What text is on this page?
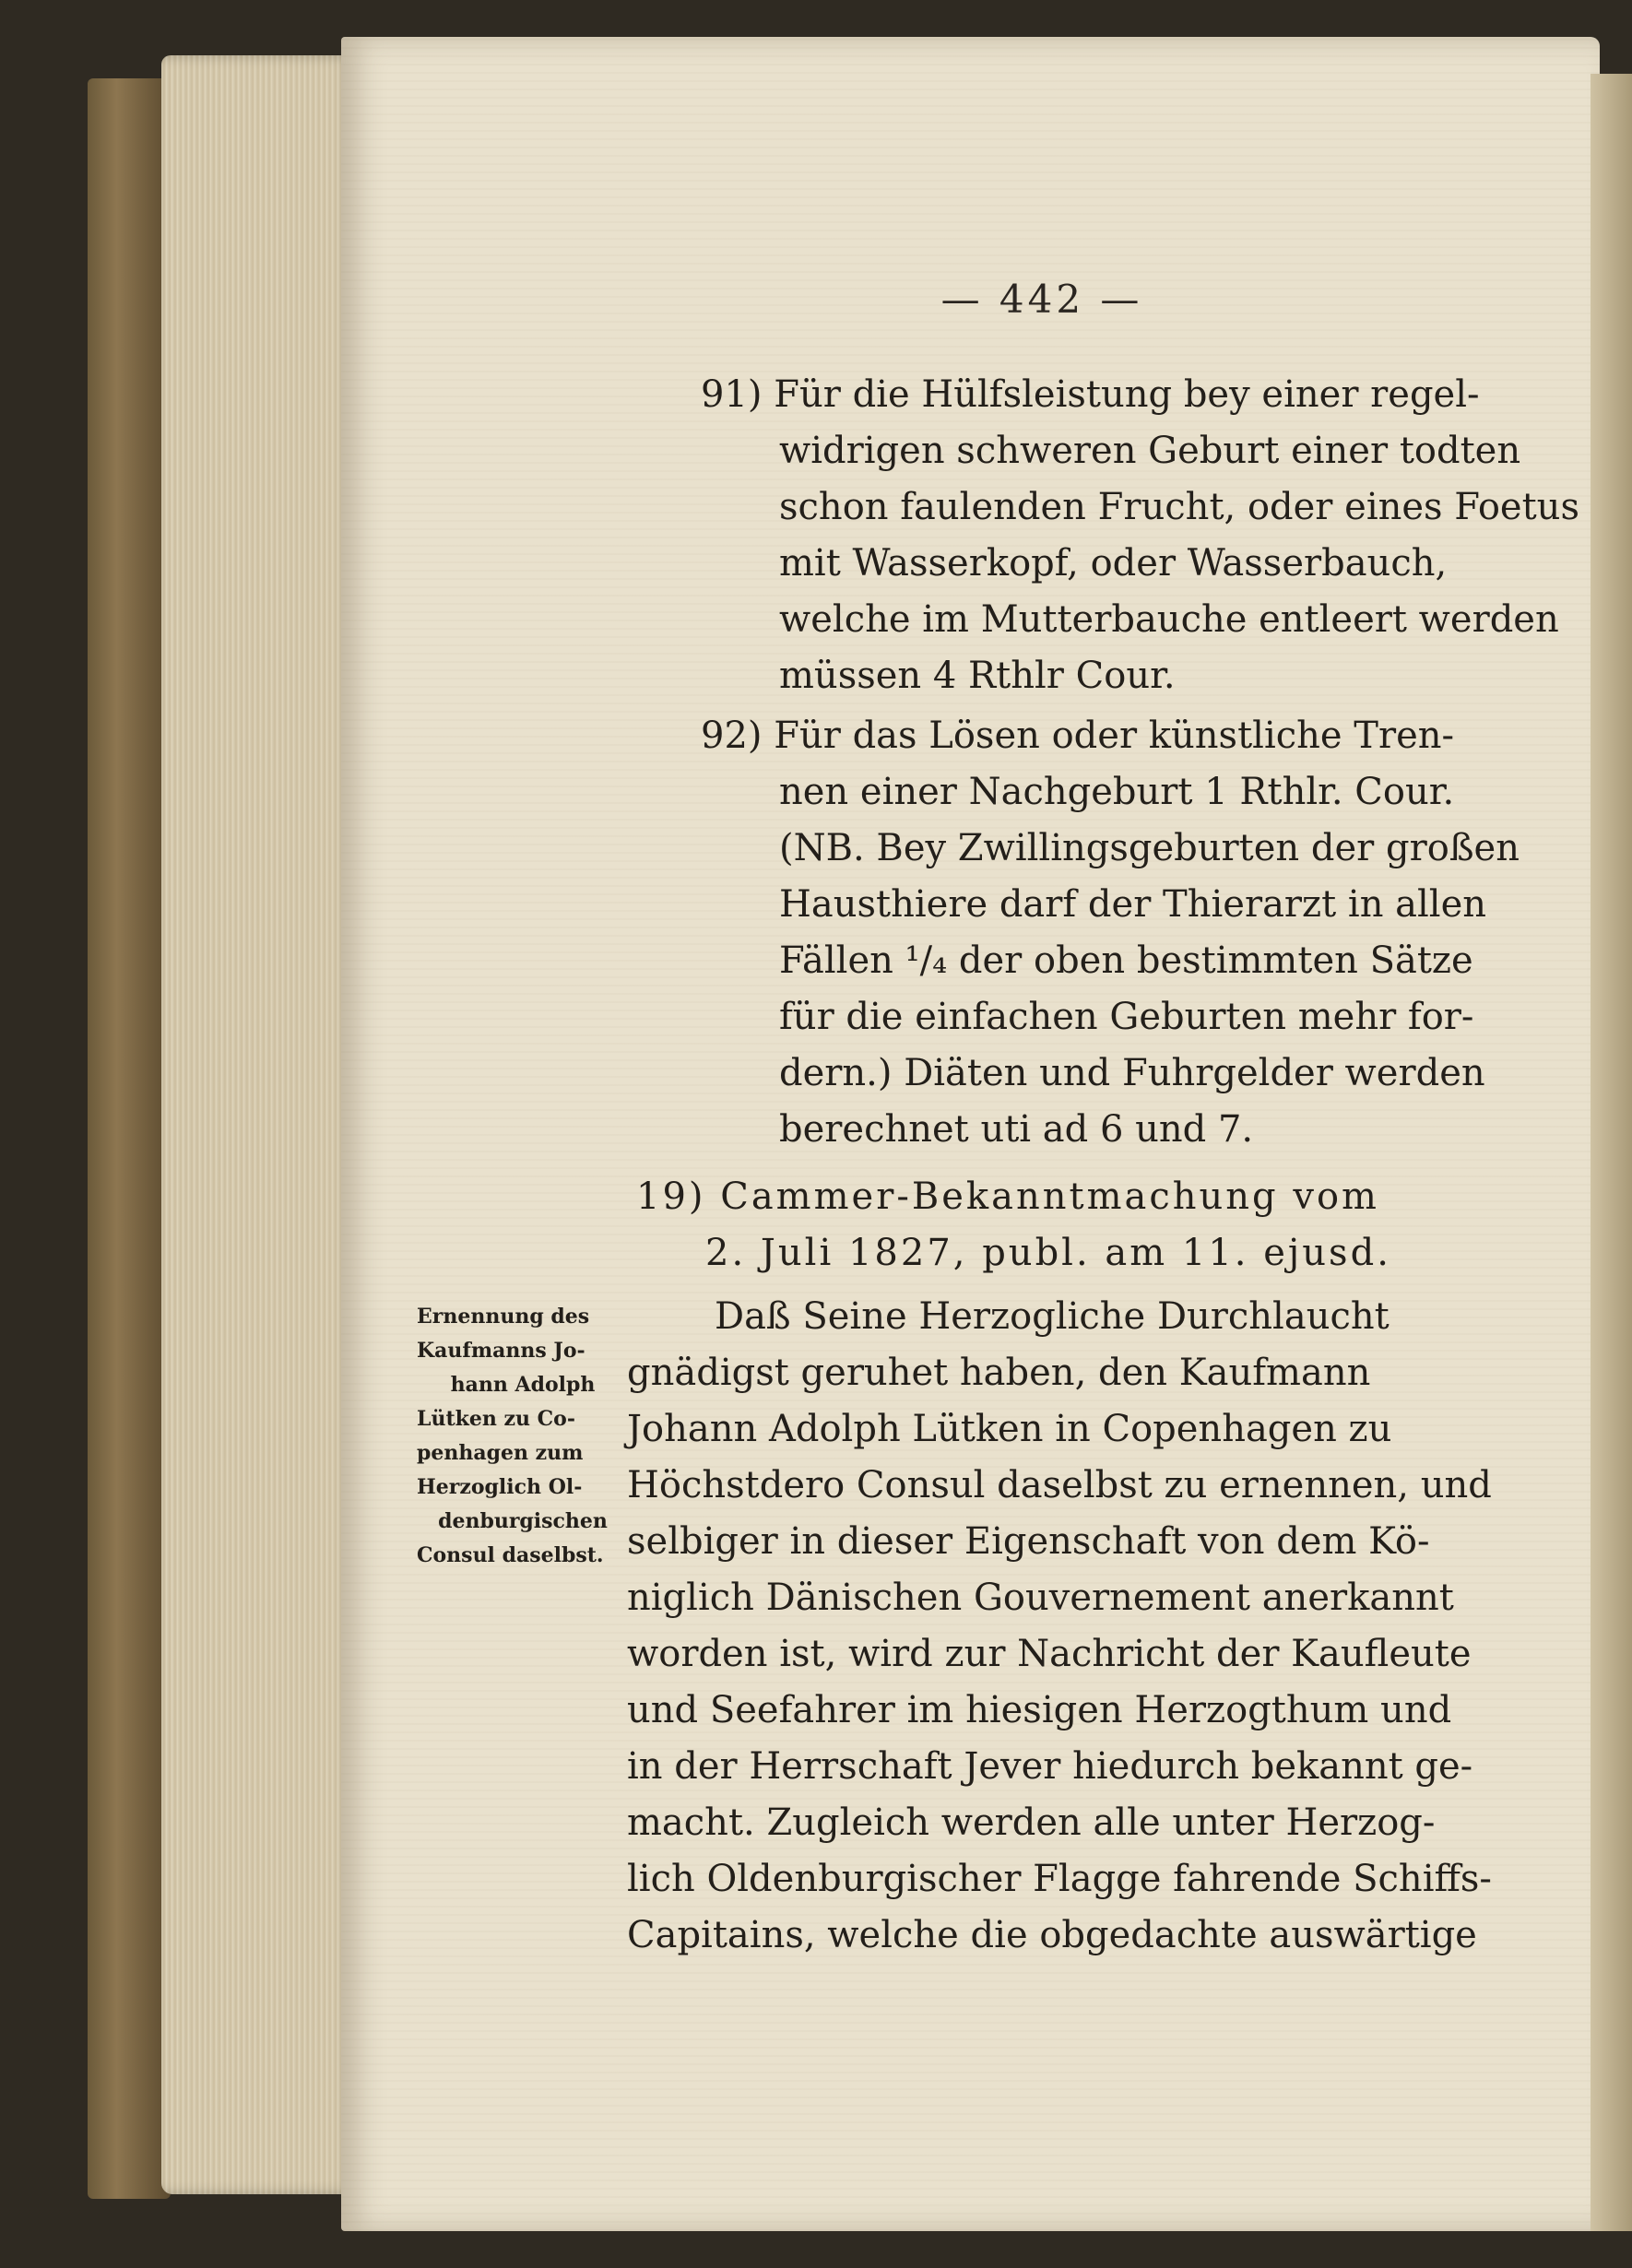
— 442 —
91) Für die Hülfsleistung bey einer regel-
widrigen schweren Geburt einer todten
schon faulenden Frucht, oder eines Foetus
mit Wasserkopf, oder Wasserbauch,
welche im Mutterbauche entleert werden
müssen 4 Rthlr Cour.
92) Für das Lösen oder künstliche Tren-
nen einer Nachgeburt 1 Rthlr. Cour.
(NB. Bey Zwillingsgeburten der großen
Hausthiere darf der Thierarzt in allen
Fällen ¹/₄ der oben bestimmten Sätze
für die einfachen Geburten mehr for-
dern.) Diäten und Fuhrgelder werden
berechnet uti ad 6 und 7.
19) Cammer-Bekanntmachung vom
2. Juli 1827, publ. am 11. ejusd.
Daß Seine Herzogliche Durchlaucht
gnädigst geruhet haben, den Kaufmann
Johann Adolph Lütken in Copenhagen zu
Höchstdero Consul daselbst zu ernennen, und
selbiger in dieser Eigenschaft von dem Kö-
niglich Dänischen Gouvernement anerkannt
worden ist, wird zur Nachricht der Kaufleute
und Seefahrer im hiesigen Herzogthum und
in der Herrschaft Jever hiedurch bekannt ge-
macht. Zugleich werden alle unter Herzog-
lich Oldenburgischer Flagge fahrende Schiffs-
Capitains, welche die obgedachte auswärtige
Ernennung des
Kaufmanns Jo-
hann Adolph
Lütken zu Co-
penhagen zum
Herzoglich Ol-
denburgischen
Consul daselbst.
